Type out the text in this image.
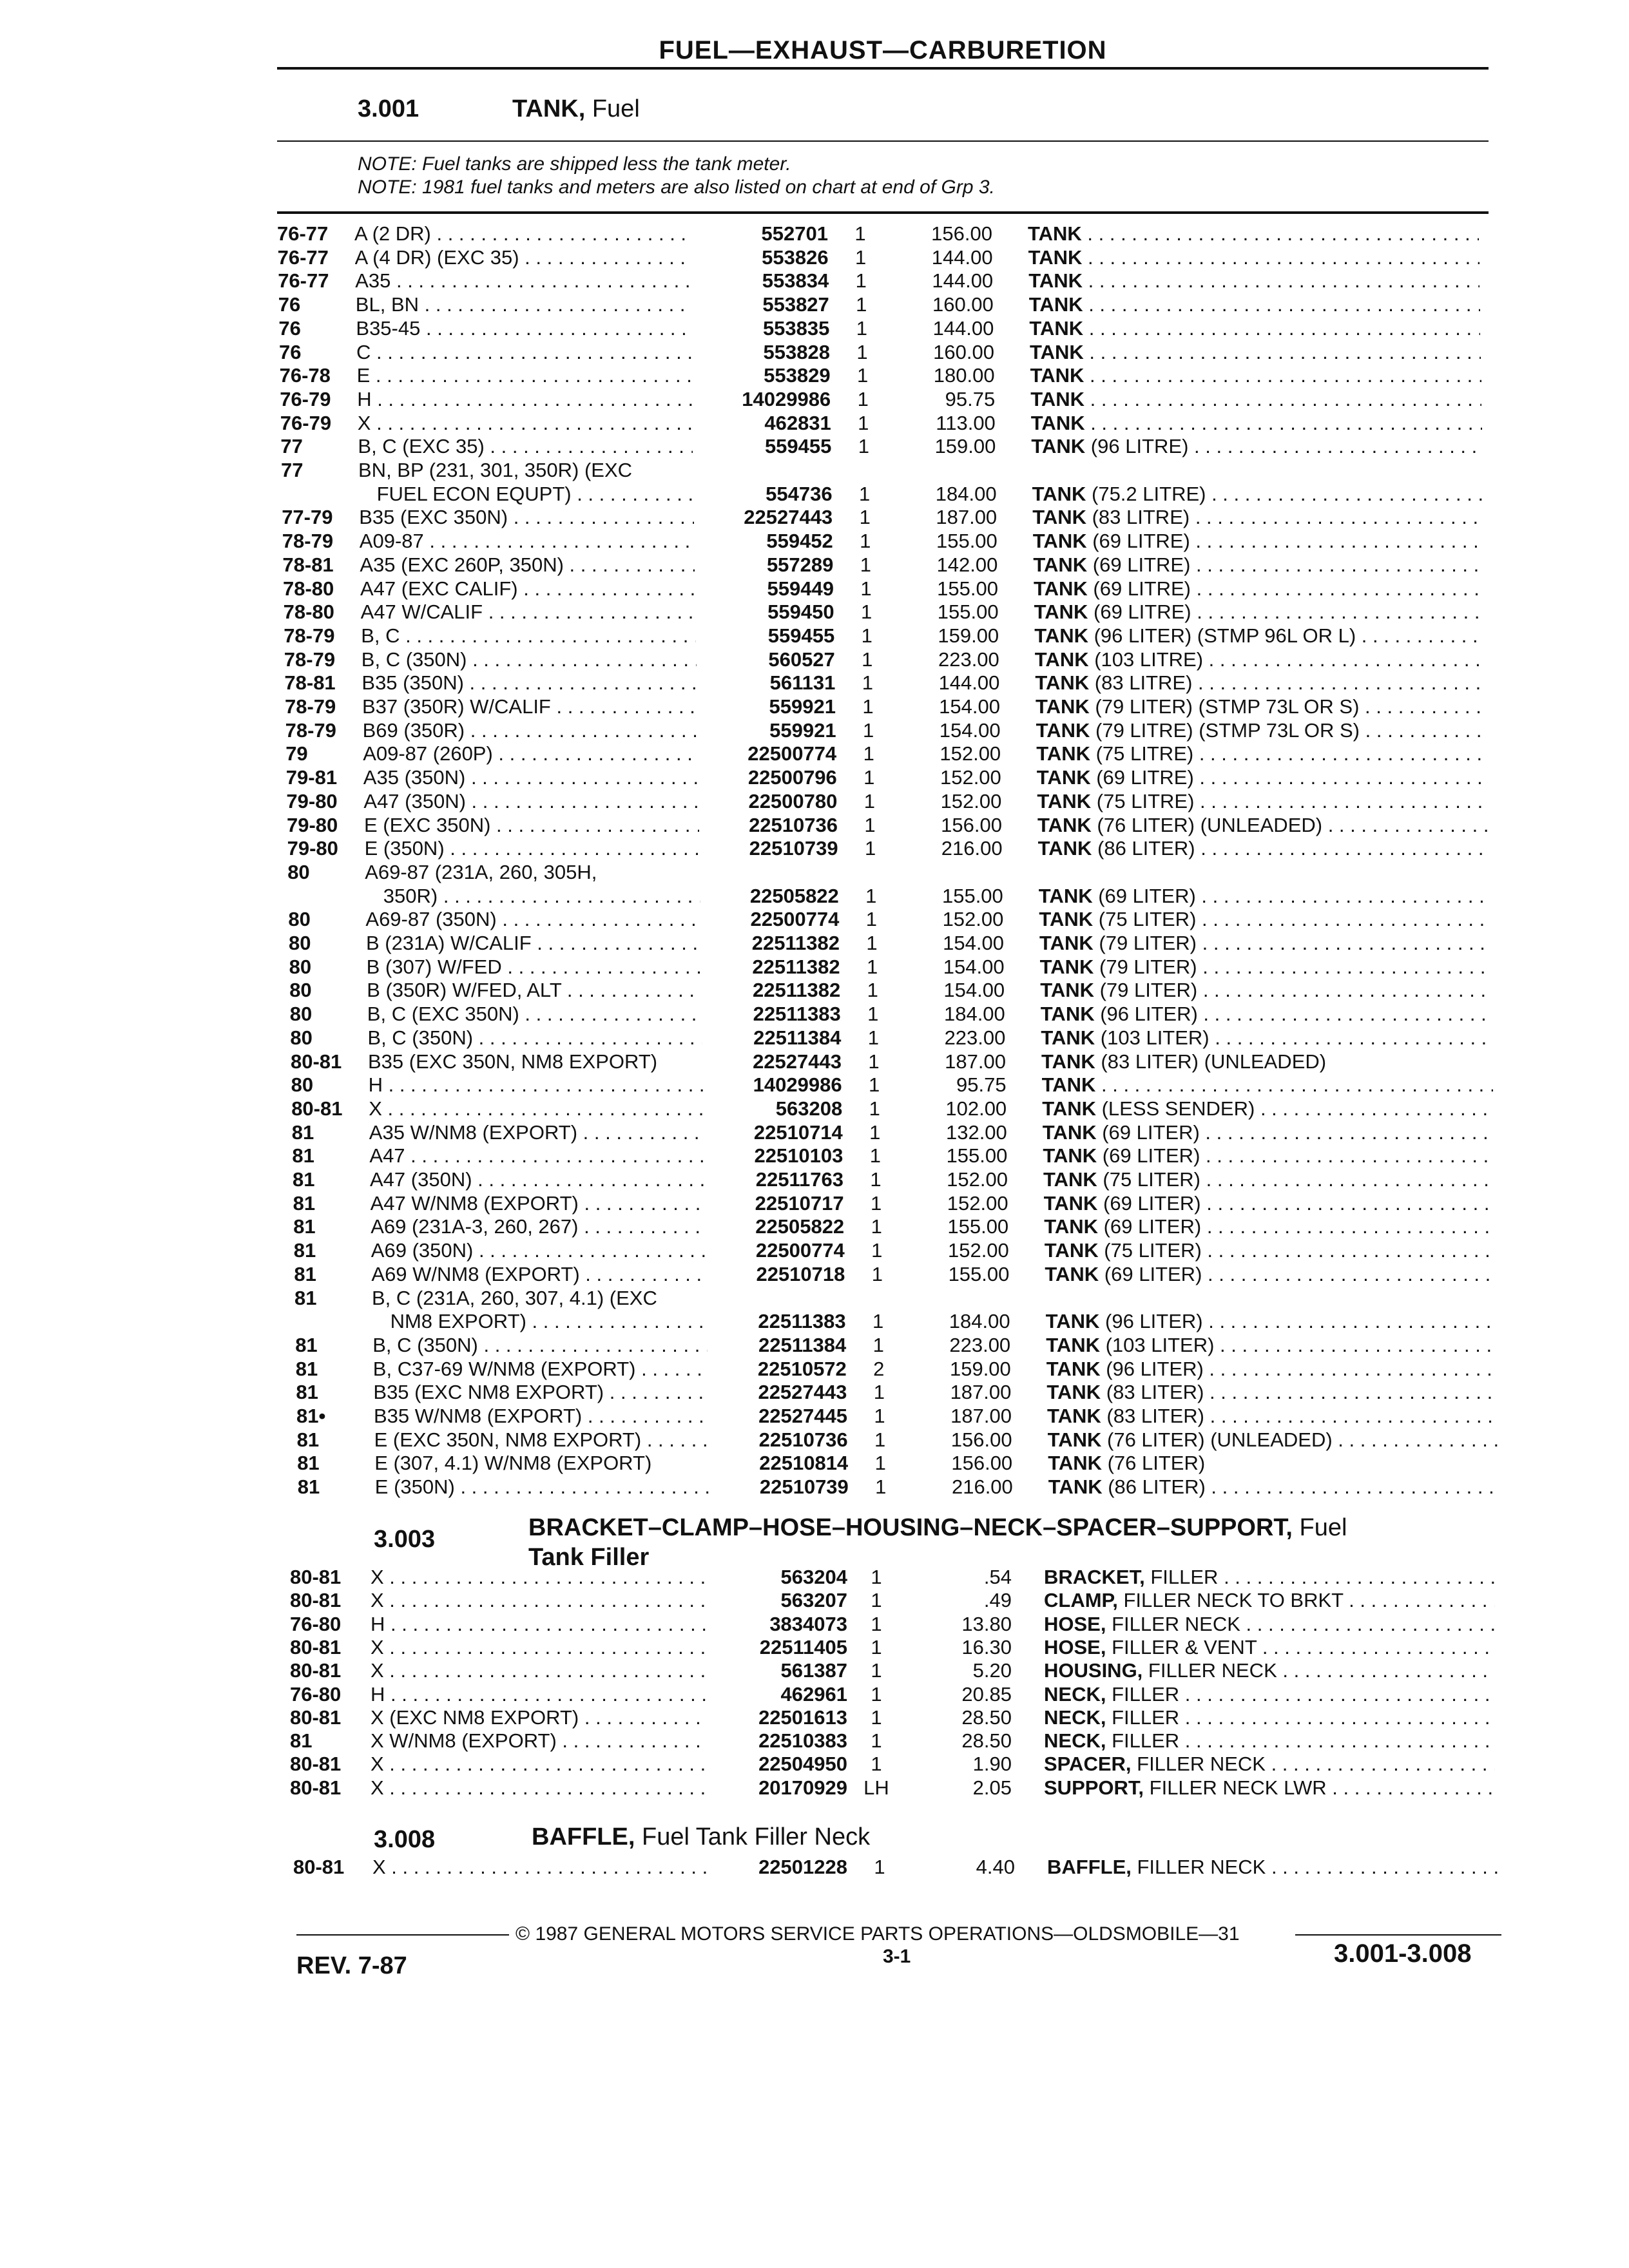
FUEL—EXHAUST—CARBURETION
3.001	TANK, Fuel
NOTE: Fuel tanks are shipped less the tank meter.
NOTE: 1981 fuel tanks and meters are also listed on chart at end of Grp 3.
76-77 A (2 DR) . . .	552701	1	156.00 TANK . . .
76-77 A (4 DR) (EXC 35) . . .	553826	1	144.00 TANK . . .
76-77 A35 . . .	553834	1	144.00 TANK . . .
76	BL, BN . . .	553827	1	160.00 TANK . . .
76	B35-45 . . .	553835	1	144.00 TANK . . .
76	C . . .	553828	1	160.00 TANK . . .
76-78 E . . .	553829	1	180.00 TANK . . .
76-79 H . . .	14029986	1	95.75 TANK . . .
76-79 X . . .	462831	1	113.00 TANK . . .
77	B, C (EXC 35) . . .	559455	1	159.00 TANK (96 LITRE) . . .
77	BN, BP (231, 301, 350R) (EXC
FUEL ECON EQUPT) . . .	554736	1	184.00 TANK (75.2 LITRE) . . .
77-79 B35 (EXC 350N) . . .	22527443	1	187.00 TANK (83 LITRE) . . .
78-79 A09-87 . . .	559452	1	155.00 TANK (69 LITRE) . . .
78-81 A35 (EXC 260P, 350N) . . .	557289	1	142.00 TANK (69 LITRE) . . .
78-80 A47 (EXC CALIF) . . .	559449	1	155.00 TANK (69 LITRE) . . .
78-80 A47 W/CALIF . . .	559450	1	155.00 TANK (69 LITRE) . . .
78-79 B, C . . .	559455	1	159.00 TANK (96 LITER) (STMP 96L OR L) . . .
78-79 B, C (350N) . . .	560527	1	223.00 TANK (103 LITRE) . . .
78-81 B35 (350N) . . .	561131	1	144.00 TANK (83 LITRE) . . .
78-79 B37 (350R) W/CALIF . . .	559921	1	154.00 TANK (79 LITER) (STMP 73L OR S) . . .
78-79 B69 (350R) . . .	559921	1	154.00 TANK (79 LITRE) (STMP 73L OR S) . . .
79	A09-87 (260P) . . .	22500774	1	152.00 TANK (75 LITRE) . . .
79-81 A35 (350N) . . .	22500796	1	152.00 TANK (69 LITRE) . . .
79-80 A47 (350N) . . .	22500780	1	152.00 TANK (75 LITRE) . . .
79-80 E (EXC 350N) . . .	22510736	1	156.00 TANK (76 LITER) (UNLEADED) . . .
79-80 E (350N) . . .	22510739	1	216.00 TANK (86 LITER) . . .
80	A69-87 (231A, 260, 305H,
350R) . . .	22505822	1	155.00 TANK (69 LITER) . . .
80	A69-87 (350N) . . .	22500774	1	152.00 TANK (75 LITER) . . .
80	B (231A) W/CALIF . . .	22511382	1	154.00 TANK (79 LITER) . . .
80	B (307) W/FED . . .	22511382	1	154.00 TANK (79 LITER) . . .
80	B (350R) W/FED, ALT . . .	22511382	1	154.00 TANK (79 LITER) . . .
80	B, C (EXC 350N) . . .	22511383	1	184.00 TANK (96 LITER) . . .
80	B, C (350N) . . .	22511384	1	223.00 TANK (103 LITER) . . .
80-81 B35 (EXC 350N, NM8 EXPORT)	22527443	1	187.00 TANK (83 LITER) (UNLEADED)
80	H . . .	14029986	1	95.75 TANK . . .
80-81 X . . .	563208	1	102.00 TANK (LESS SENDER) . . .
81	A35 W/NM8 (EXPORT) . . .	22510714	1	132.00 TANK (69 LITER) . . .
81	A47 . . .	22510103	1	155.00 TANK (69 LITER) . . .
81	A47 (350N) . . .	22511763	1	152.00 TANK (75 LITER) . . .
81	A47 W/NM8 (EXPORT) . . .	22510717	1	152.00 TANK (69 LITER) . . .
81	A69 (231A-3, 260, 267) . . .	22505822	1	155.00 TANK (69 LITER) . . .
81	A69 (350N) . . .	22500774	1	152.00 TANK (75 LITER) . . .
81	A69 W/NM8 (EXPORT) . . .	22510718	1	155.00 TANK (69 LITER) . . .
81	B, C (231A, 260, 307, 4.1) (EXC
NM8 EXPORT) . . .	22511383	1	184.00 TANK (96 LITER) . . .
81	B, C (350N) . . .	22511384	1	223.00 TANK (103 LITER) . . .
81	B, C37-69 W/NM8 (EXPORT) . . .	22510572	2	159.00 TANK (96 LITER) . . .
81	B35 (EXC NM8 EXPORT) . . .	22527443	1	187.00 TANK (83 LITER) . . .
81• B35 W/NM8 (EXPORT) . . .	22527445	1	187.00 TANK (83 LITER) . . .
81	E (EXC 350N, NM8 EXPORT) . . .	22510736	1	156.00 TANK (76 LITER) (UNLEADED) . . .
81	E (307, 4.1) W/NM8 (EXPORT)	22510814	1	156.00 TANK (76 LITER)
81	E (350N) . . .	22510739	1	216.00 TANK (86 LITER) . . .
3.003	BRACKET–CLAMP–HOSE–HOUSING–NECK–SPACER–SUPPORT, Fuel
Tank Filler
80-81 X . . .	563204	1	.54 BRACKET, FILLER . . .
80-81 X . . .	563207	1	.49 CLAMP, FILLER NECK TO BRKT . . .
76-80 H . . .	3834073	1	13.80 HOSE, FILLER NECK . . .
80-81 X . . .	22511405	1	16.30 HOSE, FILLER & VENT . . .
80-81 X . . .	561387	1	5.20 HOUSING, FILLER NECK . . .
76-80 H . . .	462961	1	20.85 NECK, FILLER . . .
80-81 X (EXC NM8 EXPORT) . . .	22501613	1	28.50 NECK, FILLER . . .
81	X W/NM8 (EXPORT) . . .	22510383	1	28.50 NECK, FILLER . . .
80-81 X . . .	22504950	1	1.90 SPACER, FILLER NECK . . .
80-81 X . . .	20170929 LH	2.05 SUPPORT, FILLER NECK LWR . . .
3.008	BAFFLE, Fuel Tank Filler Neck
80-81 X . . .	22501228	1	4.40 BAFFLE, FILLER NECK . . .
© 1987 GENERAL MOTORS SERVICE PARTS OPERATIONS—OLDSMOBILE—31
3-1
REV. 7-87	3.001-3.008
